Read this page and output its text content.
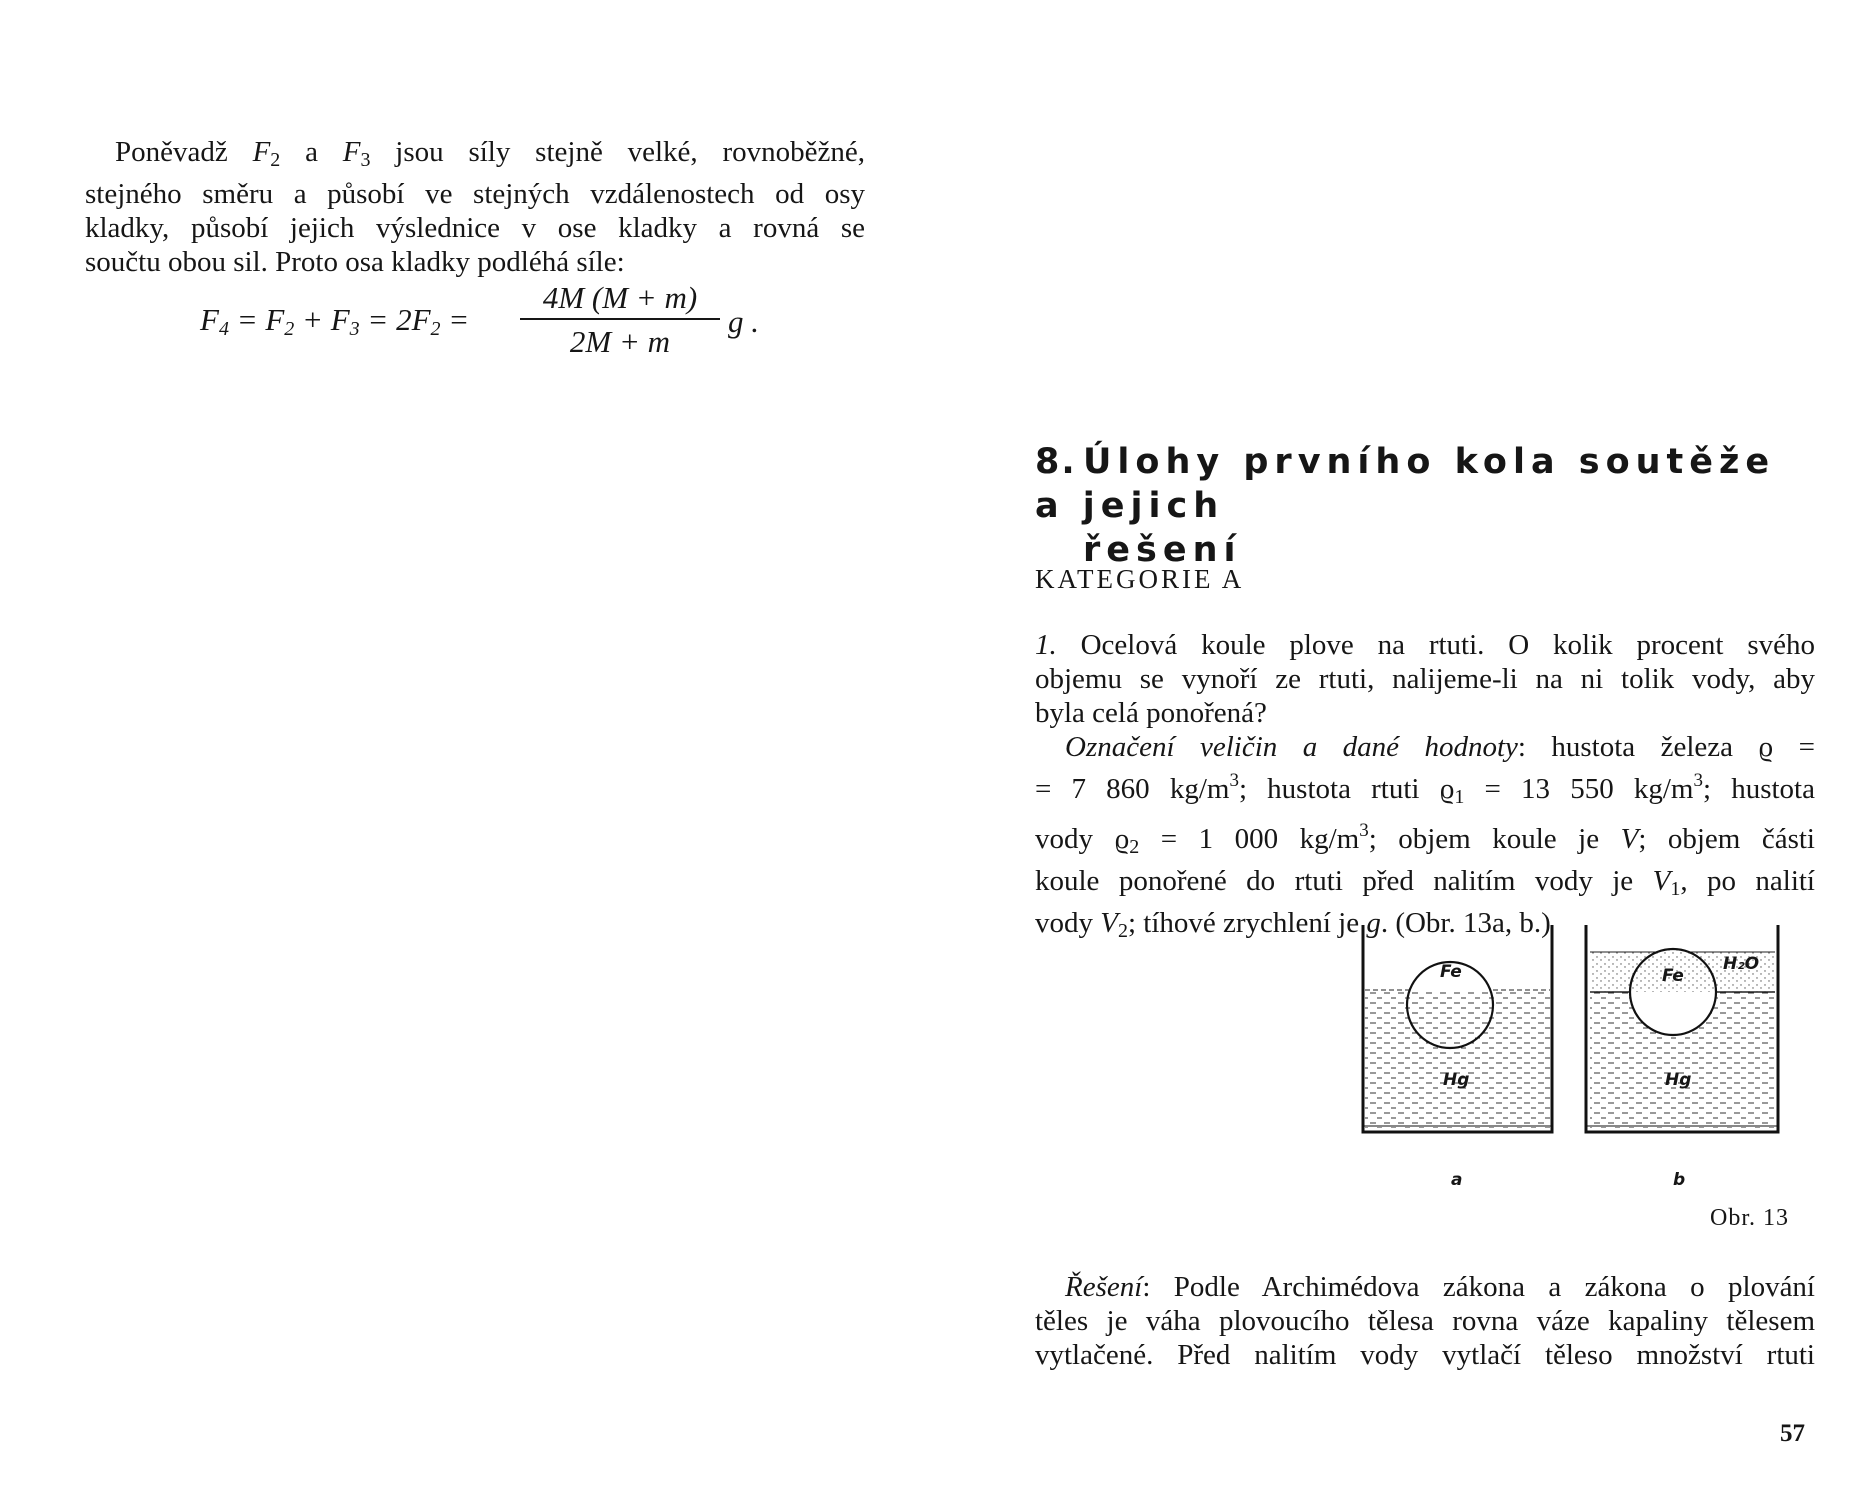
Poněvadž $F_2$ a $F_3$ jsou síly stejně velké, rovnoběžné,
stejného směru a působí ve stejných vzdálenostech od osy
kladky, působí jejich výslednice v ose kladky a rovná se
součtu obou sil. Proto osa kladky podléhá síle:

$F_4 = F_2 + F_3 = 2F_2$ =
4M (M + m)
2M + m
g .
8. Úlohy prvního kola soutěže a jejich
řešení
KATEGORIE A

1. Ocelová koule plove na rtuti. O kolik procent svého
objemu se vynoří ze rtuti, nalijeme-li na ni tolik vody, aby
byla celá ponořená?

Označení veličin a dané hodnoty: hustota železa ϱ =
= 7 860 $kg/m^3$; hustota rtuti $ϱ_1 = 13$ 550 $kg/m^3$; hustota
vody $ϱ_2 = 1$ 000 $kg/m^3$; objem koule je V; objem části
koule ponořené do rtuti před nalitím vody je $V_1$, po nalití
vody $V_2$; tíhové zrychlení je g. (Obr. 13a, b.)

Fe
Hg
Fe
H₂O
Hg
a	b

Obr. 13

Řešení: Podle Archimédova zákona a zákona o plování
těles je váha plovoucího tělesa rovna váze kapaliny tělesem
vytlačené. Před nalitím vody vytlačí těleso množství rtuti

57
